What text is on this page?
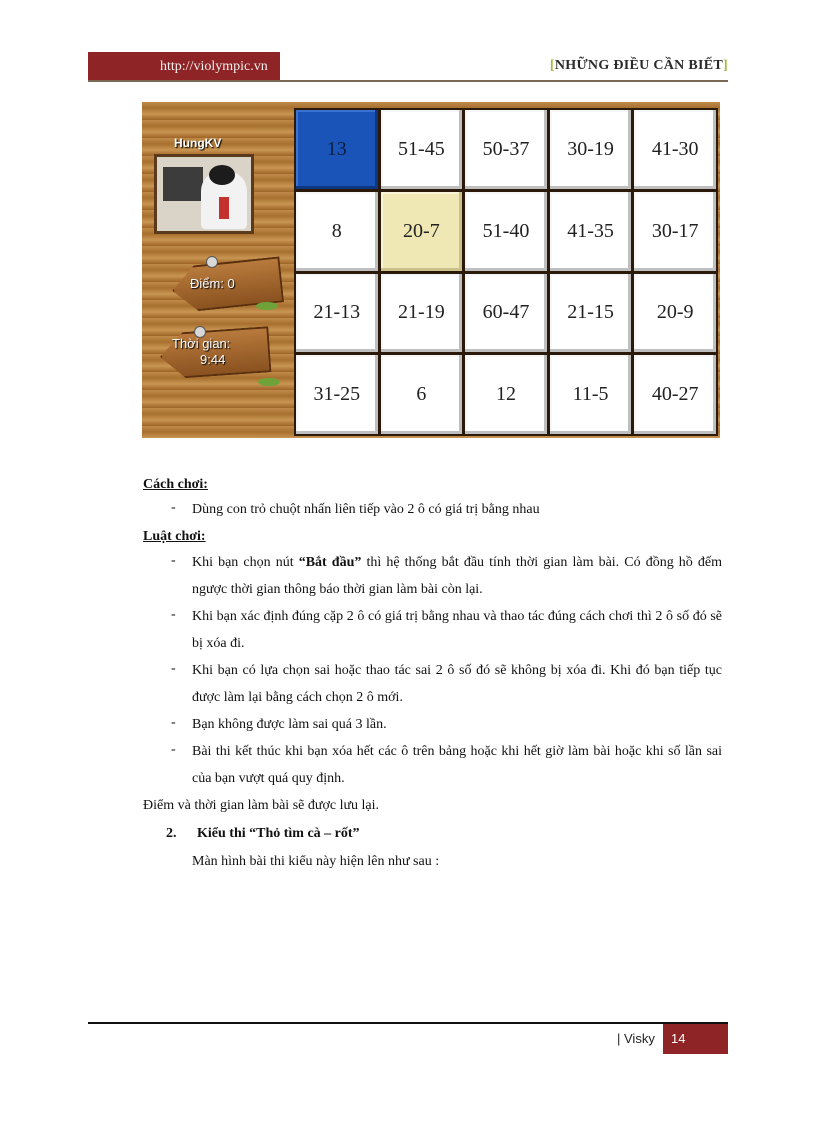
http://violympic.vn	[NHỮNG ĐIỀU CẦN BIẾT]
HungKV
Điểm: 0
Thời gian:
9:44
13	51-45	50-37	30-19	41-30
8	20-7	51-40	41-35	30-17
21-13	21-19	60-47	21-15	20-9
31-25	6	12	11-5	40-27
Cách chơi:
- Dùng con trỏ chuột nhấn liên tiếp vào 2 ô có giá trị bằng nhau
Luật chơi:
- Khi bạn chọn nút “Bắt đầu” thì hệ thống bắt đầu tính thời gian làm bài. Có đồng hồ đếm ngược thời gian thông báo thời gian làm bài còn lại.
- Khi bạn xác định đúng cặp 2 ô có giá trị bằng nhau và thao tác đúng cách chơi thì 2 ô số đó sẽ bị xóa đi.
- Khi bạn có lựa chọn sai hoặc thao tác sai 2 ô số đó sẽ không bị xóa đi. Khi đó bạn tiếp tục được làm lại bằng cách chọn 2 ô mới.
- Bạn không được làm sai quá 3 lần.
- Bài thi kết thúc khi bạn xóa hết các ô trên bảng hoặc khi hết giờ làm bài hoặc khi số lần sai của bạn vượt quá quy định.
Điểm và thời gian làm bài sẽ được lưu lại.
2. Kiểu thi “Thỏ tìm cà – rốt”
Màn hình bài thi kiểu này hiện lên như sau :
| Visky	14
